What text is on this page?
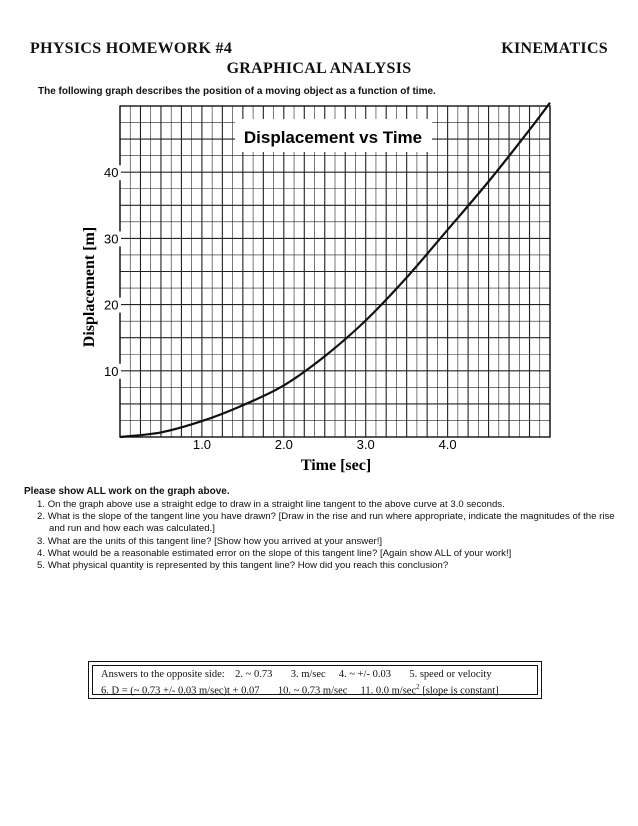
PHYSICS HOMEWORK #4	KINEMATICS
GRAPHICAL ANALYSIS
The following graph describes the position of a moving object as a function of time.
Displacement vs Time
1.0	2.0	3.0	4.0
10
20
30
40
Time [sec]
Displacement [m]
Please show ALL work on the graph above.

1. On the graph above use a straight edge to draw in a straight line tangent to the above curve at 3.0 seconds.

2. What is the slope of the tangent line you have drawn? [Draw in the rise and run where appropriate, indicate the magnitudes of the rise and run and how each was calculated.]

3. What are the units of this tangent line? [Show how you arrived at your answer!]

4. What would be a reasonable estimated error on the slope of this tangent line? [Again show ALL of your work!]

5. What physical quantity is represented by this tangent line? How did you reach this conclusion?

Answers to the opposite side:    2. ~ 0.73       3. m/sec     4. ~ +/- 0.03       5. speed or velocity
6. D = (~ 0.73 +/- 0.03 m/sec)t + 0.07       10. ~ 0.73 m/sec     11. 0.0 $m/\sec^2$ [slope is constant]
